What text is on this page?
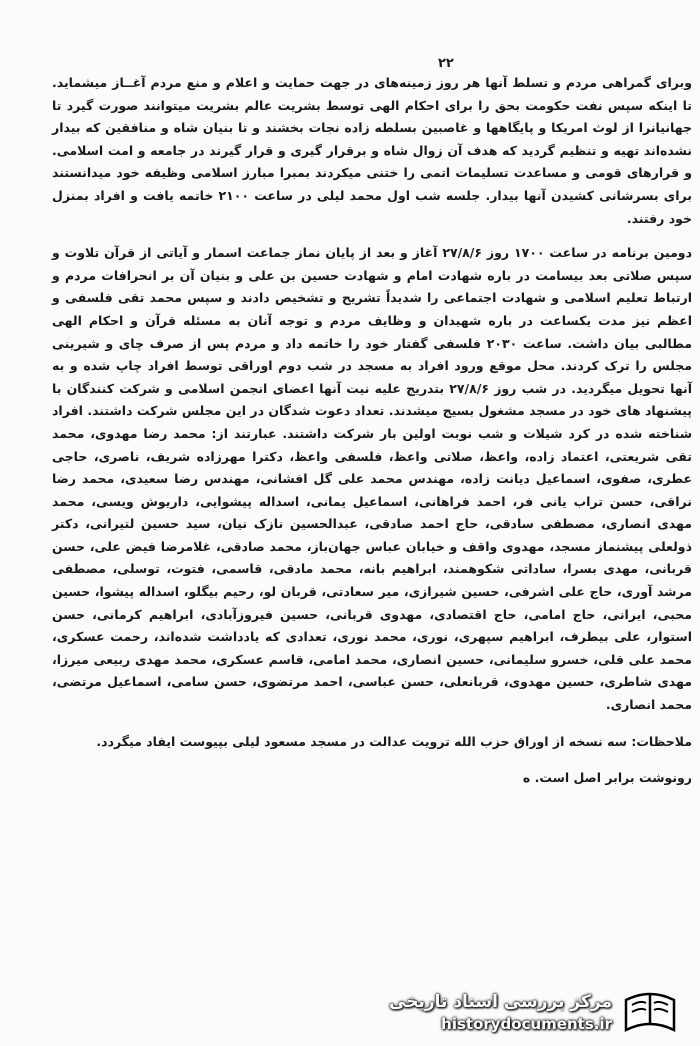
۲۲

وبرای گمراهی مردم و تسلط آنها هر روز زمینه‌های در جهت حمایت و اعلام و منع مردم آغــاز میشماید. تا اینکه سپس نفت حکومت بحق را برای احکام الهی توسط بشریت عالم بشریت میتوانند صورت گیرد تا جهانیانرا از لوث امریکا و پایگاهها و غاصبین بسلطه زاده نجات بخشند و تا بنیان شاه و منافقین که بیدار نشده‌اند تهیه و تنظیم گردید که هدف آن زوال شاه و برقرار گیری و قرار گیرند در جامعه و امت اسلامی. و قرارهای قومی و مساعدت تسلیمات اتمی را ختنی میکردند بمبرا مبارز اسلامی وظیفه خود میدانستند برای بسرشانی کشیدن آنها بیدار. جلسه شب اول محمد لیلی در ساعت ۲۱۰۰ خاتمه یافت و افراد بمنزل خود رفتند.

دومین برنامه در ساعت ۱۷۰۰ روز ۲۷/۸/۶ آغاز و بعد از پایان نماز جماعت اسمار و آیاتی از قرآن تلاوت و سپس صلاتی بعد بیسامت در باره شهادت امام و شهادت حسین بن علی و بنیان آن بر انحرافات مردم و ارتباط تعلیم اسلامی و شهادت اجتماعی را شدیداً تشریح و تشخیص دادند و سپس محمد تقی فلسفی و اعظم نیز مدت یکساعت در باره شهیدان و وظایف مردم و توجه آنان به مسئله قرآن و احکام الهی مطالبی بیان داشت. ساعت ۲۰۳۰ فلسفی گفتار خود را خاتمه داد و مردم پس از صرف چای و شیرینی مجلس را ترک کردند. محل موقع ورود افراد به مسجد در شب دوم اوراقی توسط افراد چاپ شده و به آنها تحویل میگردید. در شب روز ۲۷/۸/۶ بتدریج علیه نیت آنها اعضای انجمن اسلامی و شرکت کنندگان با پیشنهاد های خود در مسجد مشغول بسیج میشدند. تعداد دعوت شدگان در این مجلس شرکت داشتند. افراد شناخته شده در کرد شیلات و شب نوبت اولین بار شرکت داشتند. عبارتند از: محمد رضا مهدوی، محمد تقی شریعتی، اعتماد زاده، واعظ، صلاتی واعظ، فلسفی واعظ، دکترا مهرزاده شریف، ناصری، حاجی عطری، صفوی، اسماعیل دیانت زاده، مهندس محمد علی گل افشانی، مهندس رضا سعیدی، محمد رضا نراقی، حسن تراب یانی فر، احمد فراهانی، اسماعیل یمانی، اسداله پیشوایی، داریوش ویسی، محمد مهدی انصاری، مصطفی سادقی، حاج احمد صادقی، عبدالحسین نازک نیان، سید حسین لتیرانی، دکتر ذولعلی پیشنماز مسجد، مهدوی واقف و خیابان عباس جهان‌باز، محمد صادقی، غلامرضا فیض علی، حسن قربانی، مهدی بسرا، ساداتی شکوهمند، ابراهیم بانه، محمد مادقی، قاسمی، فتوت، توسلی، مصطفی مرشد آوری، حاج علی اشرفی، حسین شیرازی، میر سعادتی، قربان لو، رحیم بیگلو، اسداله پیشوا، حسین محبی، ایرانی، حاج امامی، حاج اقتصادی، مهدوی قربانی، حسین فیروزآبادی، ابراهیم کرمانی، حسن استوار، علی بیطرف، ابراهیم سپهری، نوری، محمد نوری، تعدادی که یادداشت شده‌اند، رحمت عسکری، محمد علی قلی، خسرو سلیمانی، حسین انصاری، محمد امامی، قاسم عسکری، محمد مهدی ربیعی میرزا، مهدی شاطری، حسین مهدوی، قربانعلی، حسن عباسی، احمد مرتضوی، حسن سامی، اسماعیل مرتضی، محمد انصاری.

ملاحظات: سه نسخه از اوراق حزب الله ترویت عدالت در مسجد مسعود لیلی بپیوست ایفاد میگردد.

رونوشت برابر اصل است. ه

مرکز بررسی اسناد تاریخی
historydocuments.ir
